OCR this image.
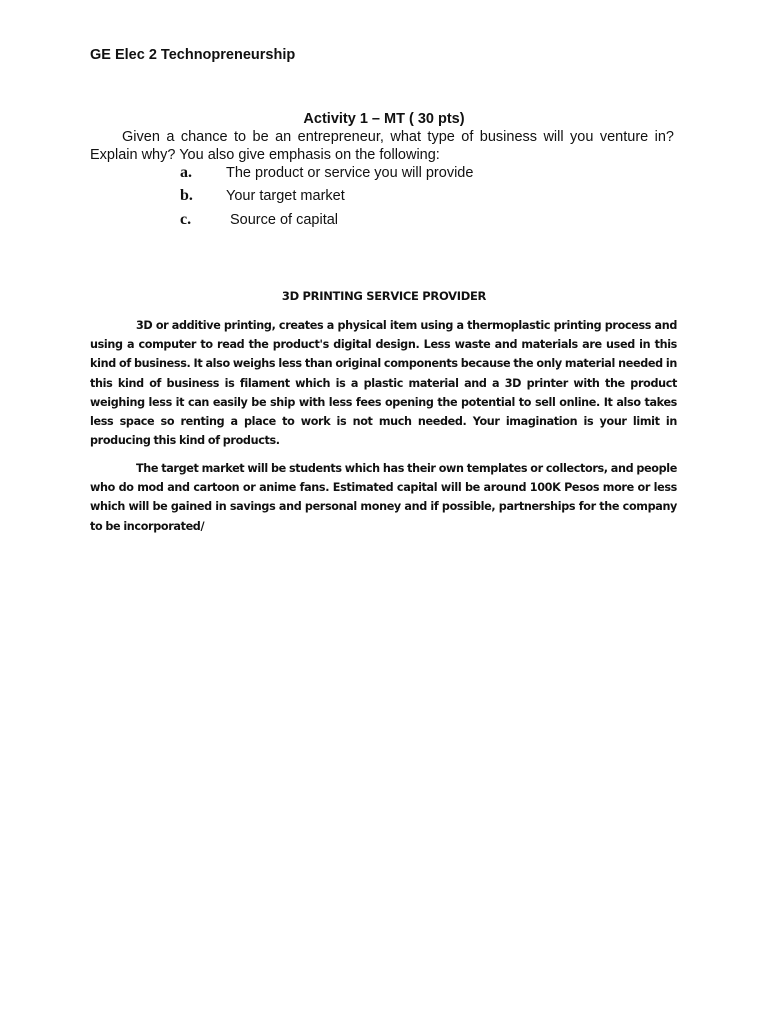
GE Elec 2 Technopreneurship
Activity 1 – MT ( 30 pts)
Given a chance to be an entrepreneur, what type of business will you venture in? Explain why? You also give emphasis on the following:
a.	The product or service you will provide
b.	Your target market
c.	Source of capital
3D PRINTING SERVICE PROVIDER
3D or additive printing, creates a physical item using a thermoplastic printing process and using a computer to read the product's digital design. Less waste and materials are used in this kind of business. It also weighs less than original components because the only material needed in this kind of business is filament which is a plastic material and a 3D printer with the product weighing less it can easily be ship with less fees opening the potential to sell online. It also takes less space so renting a place to work is not much needed. Your imagination is your limit in producing this kind of products.
The target market will be students which has their own templates or collectors, and people who do mod and cartoon or anime fans. Estimated capital will be around 100K Pesos more or less which will be gained in savings and personal money and if possible, partnerships for the company to be incorporated/
